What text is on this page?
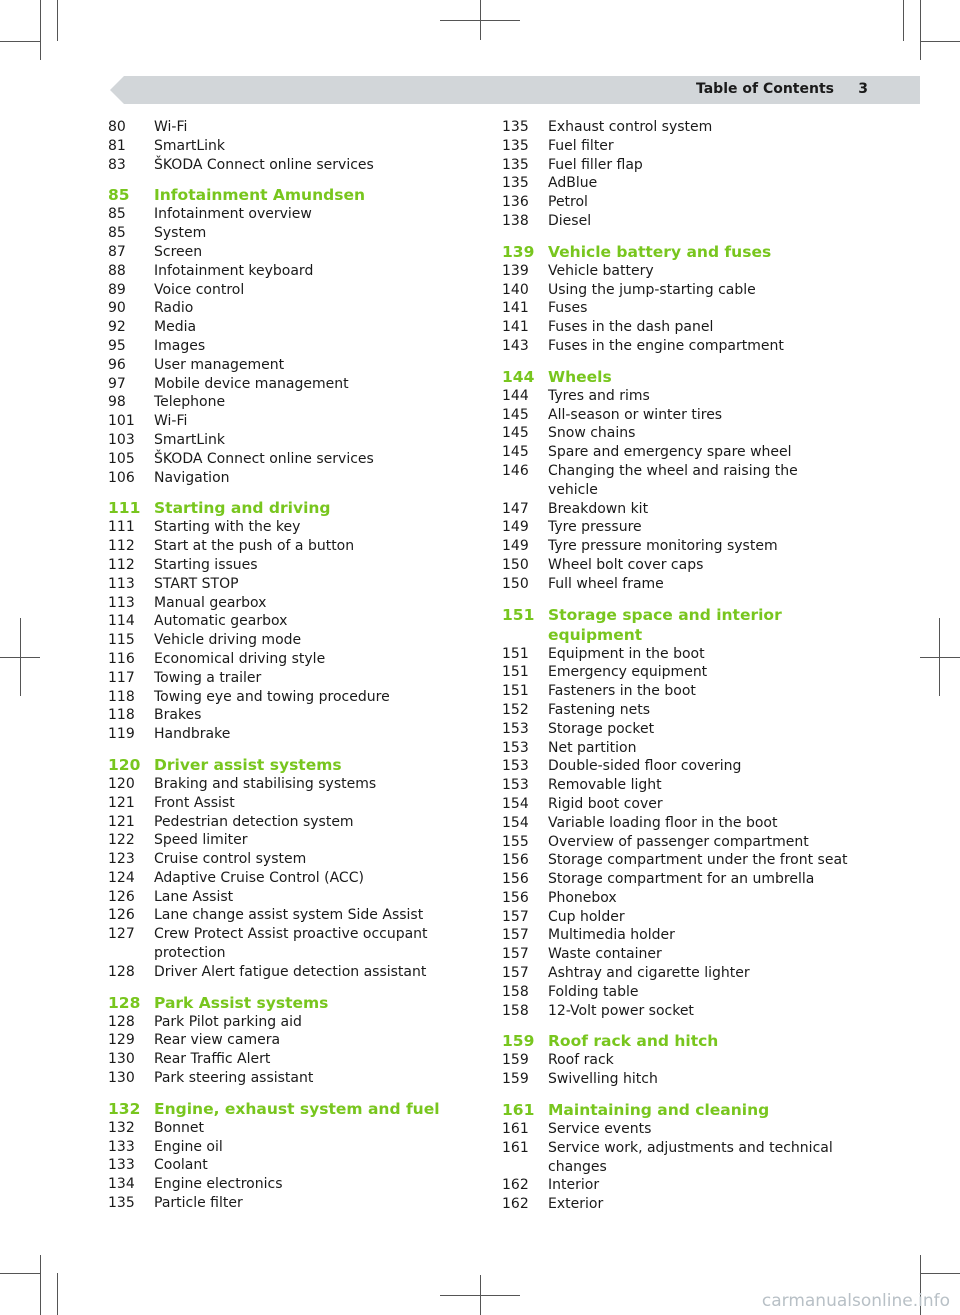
Table of Contents 3
80	Wi-Fi
81	SmartLink
83	ŠKODA Connect online services
85	Infotainment Amundsen
85	Infotainment overview
85	System
87	Screen
88	Infotainment keyboard
89	Voice control
90	Radio
92	Media
95	Images
96	User management
97	Mobile device management
98	Telephone
101	Wi-Fi
103	SmartLink
105	ŠKODA Connect online services
106	Navigation
111 Starting and driving
111	Starting with the key
112	Start at the push of a button
112	Starting issues
113	START STOP
113	Manual gearbox
114	Automatic gearbox
115	Vehicle driving mode
116	Economical driving style
117	Towing a trailer
118	Towing eye and towing procedure
118	Brakes
119	Handbrake
120 Driver assist systems
120	Braking and stabilising systems
121	Front Assist
121	Pedestrian detection system
122	Speed limiter
123	Cruise control system
124	Adaptive Cruise Control (ACC)
126	Lane Assist
126	Lane change assist system Side Assist
127	Crew Protect Assist proactive occupant
protection
128	Driver Alert fatigue detection assistant
128 Park Assist systems
128	Park Pilot parking aid
129	Rear view camera
130	Rear Traffic Alert
130	Park steering assistant
132 Engine, exhaust system and fuel
132	Bonnet
133	Engine oil
133	Coolant
134	Engine electronics
135	Particle filter
135	Exhaust control system
135	Fuel filter
135	Fuel filler flap
135	AdBlue
136	Petrol
138	Diesel
139 Vehicle battery and fuses
139	Vehicle battery
140	Using the jump-starting cable
141	Fuses
141	Fuses in the dash panel
143	Fuses in the engine compartment
144 Wheels
144	Tyres and rims
145	All-season or winter tires
145	Snow chains
145	Spare and emergency spare wheel
146	Changing the wheel and raising the vehicle
147	Breakdown kit
149	Tyre pressure
149	Tyre pressure monitoring system
150	Wheel bolt cover caps
150	Full wheel frame
151 Storage space and interior equipment
151	Equipment in the boot
151	Emergency equipment
151	Fasteners in the boot
152	Fastening nets
153	Storage pocket
153	Net partition
153	Double-sided floor covering
153	Removable light
154	Rigid boot cover
154	Variable loading floor in the boot
155	Overview of passenger compartment
156	Storage compartment under the front seat
156	Storage compartment for an umbrella
156	Phonebox
157	Cup holder
157	Multimedia holder
157	Waste container
157	Ashtray and cigarette lighter
158	Folding table
158	12-Volt power socket
159 Roof rack and hitch
159	Roof rack
159	Swivelling hitch
161 Maintaining and cleaning
161	Service events
161	Service work, adjustments and technical
changes
162	Interior
162	Exterior
carmanualsonline.info
